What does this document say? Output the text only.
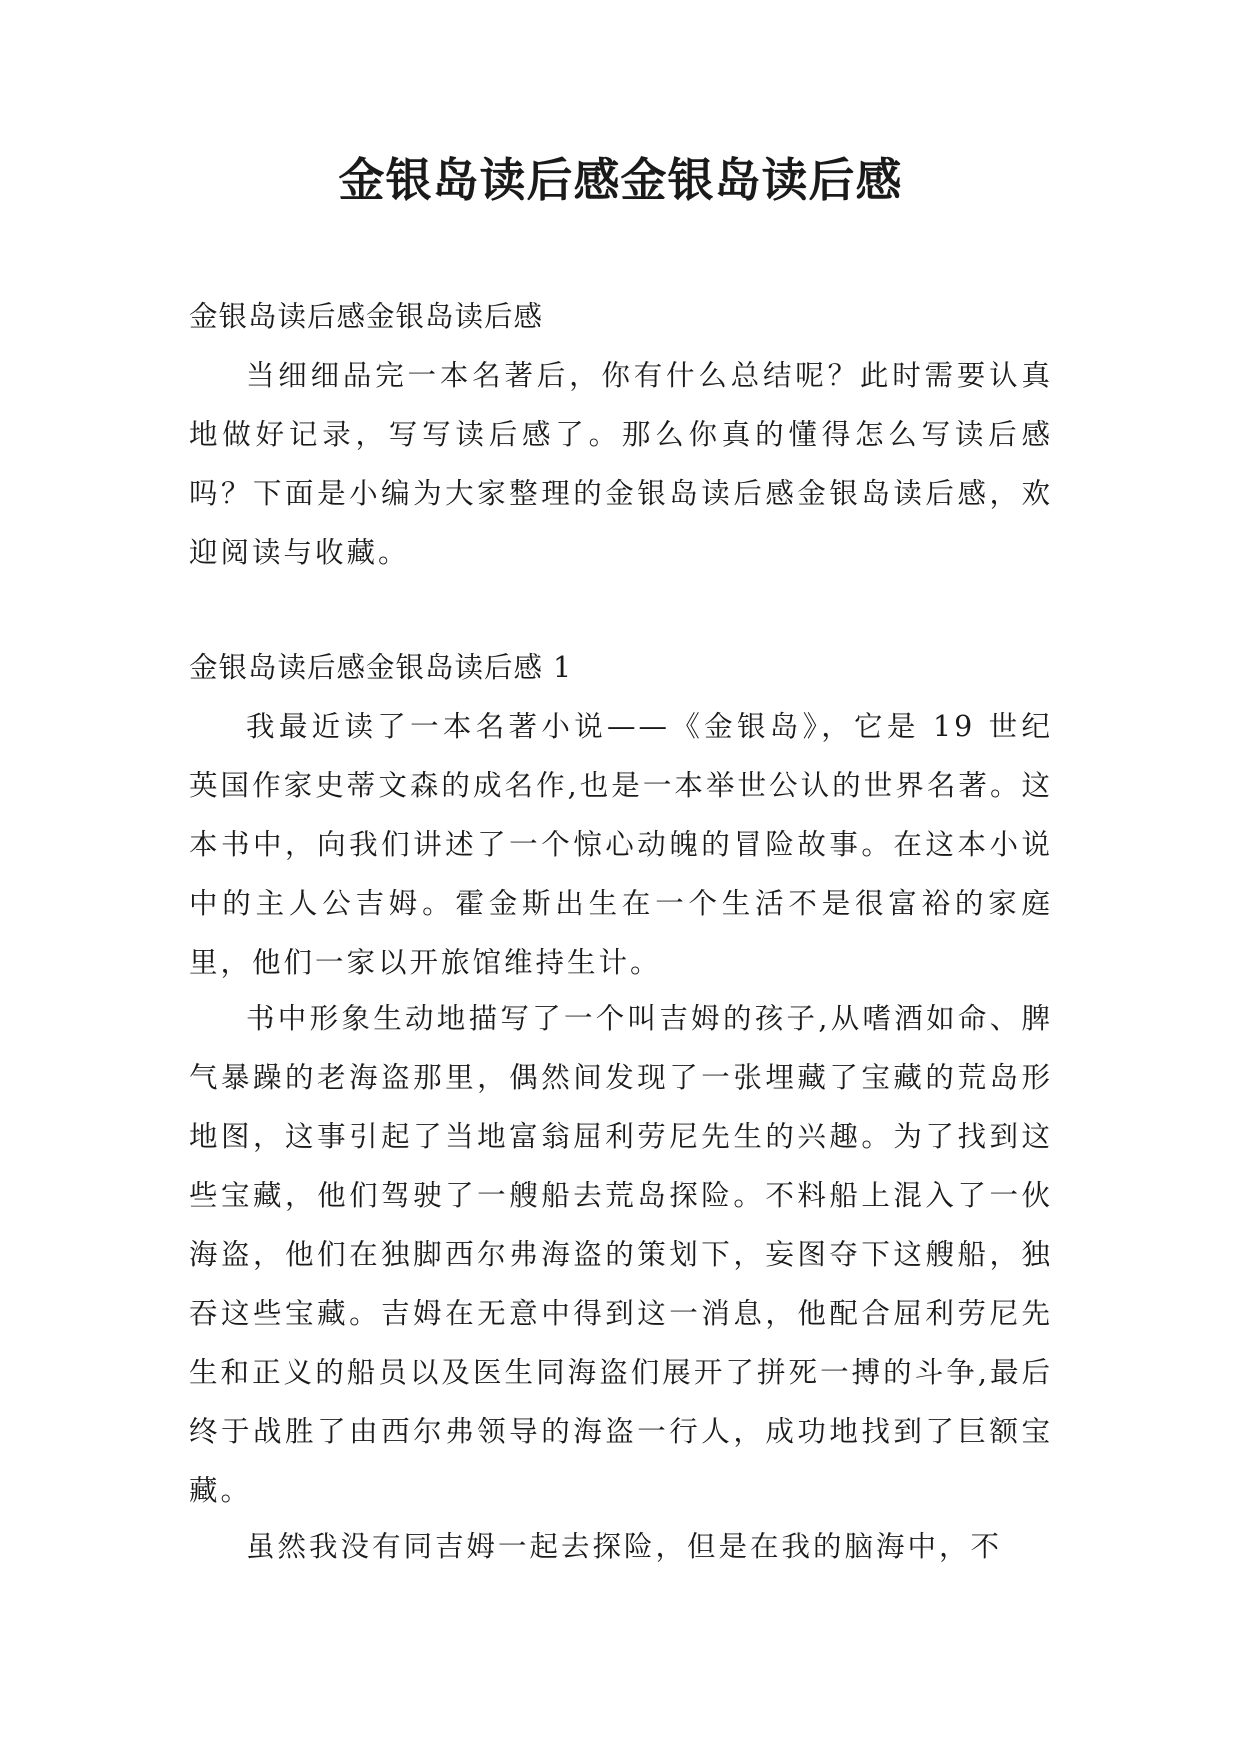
金银岛读后感金银岛读后感
金银岛读后感金银岛读后感
当细细品完一本名著后，你有什么总结呢？此时需要认真地做好记录，写写读后感了。那么你真的懂得怎么写读后感吗？下面是小编为大家整理的金银岛读后感金银岛读后感，欢迎阅读与收藏。
金银岛读后感金银岛读后感 1
我最近读了一本名著小说——《金银岛》，它是 19 世纪英国作家史蒂文森的成名作,也是一本举世公认的世界名著。这本书中，向我们讲述了一个惊心动魄的冒险故事。在这本小说中的主人公吉姆。霍金斯出生在一个生活不是很富裕的家庭里，他们一家以开旅馆维持生计。
书中形象生动地描写了一个叫吉姆的孩子,从嗜酒如命、脾气暴躁的老海盗那里，偶然间发现了一张埋藏了宝藏的荒岛形地图，这事引起了当地富翁屈利劳尼先生的兴趣。为了找到这些宝藏，他们驾驶了一艘船去荒岛探险。不料船上混入了一伙海盗，他们在独脚西尔弗海盗的策划下，妄图夺下这艘船，独吞这些宝藏。吉姆在无意中得到这一消息，他配合屈利劳尼先生和正义的船员以及医生同海盗们展开了拼死一搏的斗争,最后终于战胜了由西尔弗领导的海盗一行人，成功地找到了巨额宝藏。
虽然我没有同吉姆一起去探险，但是在我的脑海中，不
